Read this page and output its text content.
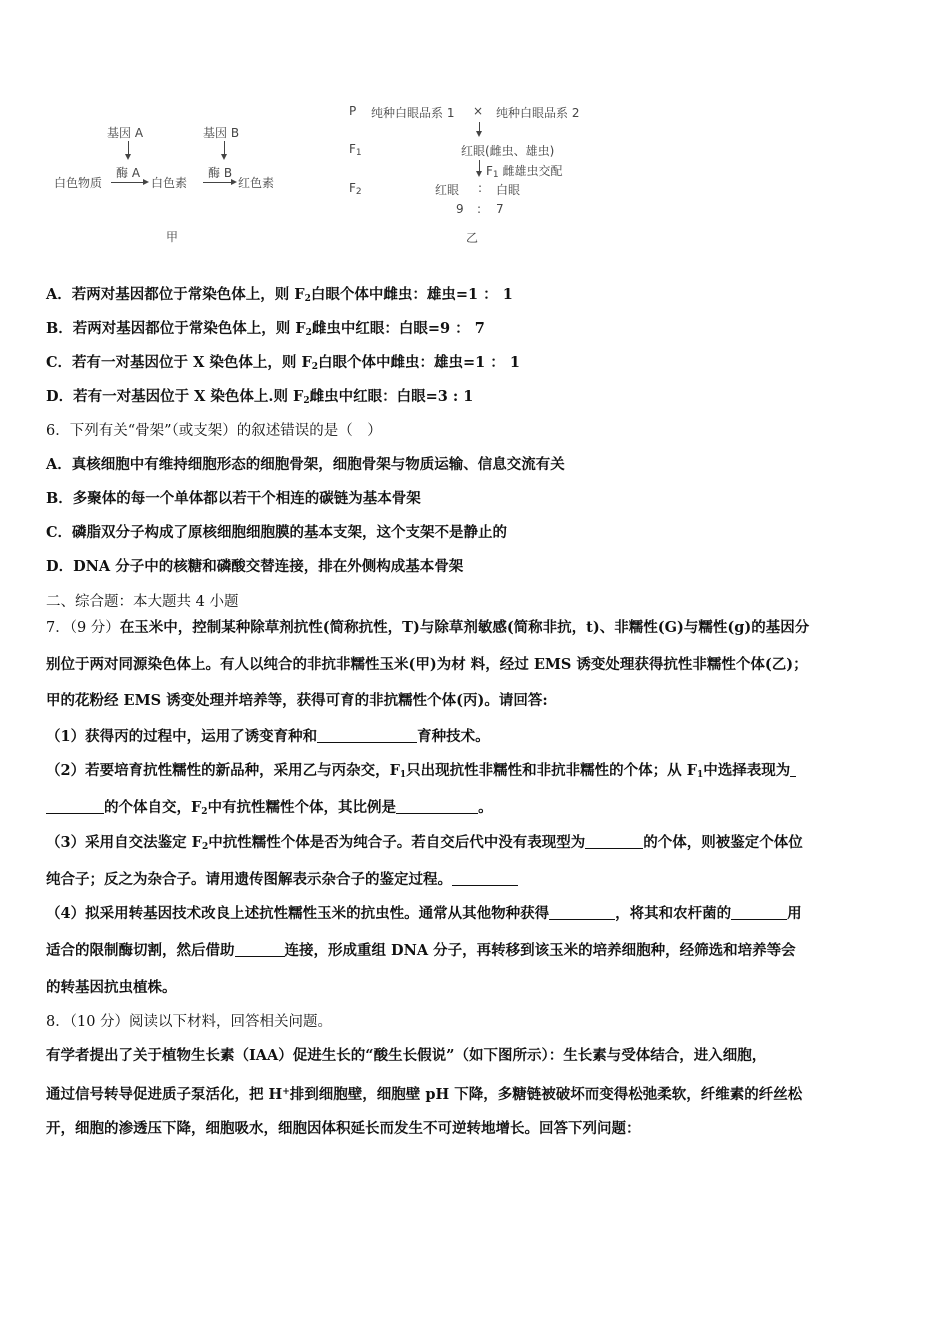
基因 A
酶 A
基因 B
酶 B
白色物质	白色素	红色素
甲
P 纯种白眼品系 1 × 纯种白眼品系 2
$F_1$	红眼(雌虫、雄虫)
$F_1$ 雌雄虫交配
$F_2$	红眼 : 白眼
9 : 7
乙
A．若两对基因都位于常染色体上，则 $F_2$白眼个体中雌虫：雄虫=1 ： 1
B．若两对基因都位于常染色体上，则 $F_2$雌虫中红眼：白眼=9 ： 7
C．若有一对基因位于 X 染色体上，则 $F_2$白眼个体中雌虫：雄虫=1 ： 1
D．若有一对基因位于 X 染色体上.则 $F_2$雌虫中红眼：白眼=3 : 1
6．下列有关“骨架”（或支架）的叙述错误的是（　）
A．真核细胞中有维持细胞形态的细胞骨架，细胞骨架与物质运输、信息交流有关
B．多聚体的每一个单体都以若干个相连的碳链为基本骨架
C．磷脂双分子构成了原核细胞细胞膜的基本支架，这个支架不是静止的
D．DNA 分子中的核糖和磷酸交替连接，排在外侧构成基本骨架
二、综合题：本大题共 4 小题
7．（9 分）在玉米中，控制某种除草剂抗性(简称抗性，T)与除草剂敏感(简称非抗，t)、非糯性(G)与糯性(g)的基因分
别位于两对同源染色体上。有人以纯合的非抗非糯性玉米(甲)为材 料，经过 EMS 诱变处理获得抗性非糯性个体(乙)；
甲的花粉经 EMS 诱变处理并培养等，获得可育的非抗糯性个体(丙)。请回答:
（1）获得丙的过程中，运用了诱变育种和	育种技术。
（2）若要培育抗性糯性的新品种，采用乙与丙杂交，$F_1$只出现抗性非糯性和非抗非糯性的个体；从 $F_1$中选择表现为
的个体自交，$F_2$中有抗性糯性个体，其比例是	。
（3）采用自交法鉴定 $F_2$中抗性糯性个体是否为纯合子。若自交后代中没有表现型为	的个体，则被鉴定个体位
纯合子；反之为杂合子。请用遗传图解表示杂合子的鉴定过程。
（4）拟采用转基因技术改良上述抗性糯性玉米的抗虫性。通常从其他物种获得	，将其和农杆菌的	用
适合的限制酶切割，然后借助	连接，形成重组 DNA 分子，再转移到该玉米的培养细胞种，经筛选和培养等会
的转基因抗虫植株。
8．（10 分）阅读以下材料，回答相关问题。
有学者提出了关于植物生长素（IAA）促进生长的“酸生长假说”（如下图所示）：生长素与受体结合，进入细胞，
通过信号转导促进质子泵活化，把 H+排到细胞壁，细胞壁 pH 下降，多糖链被破坏而变得松弛柔软，纤维素的纤丝松
开，细胞的渗透压下降，细胞吸水，细胞因体积延长而发生不可逆转地增长。回答下列问题：
